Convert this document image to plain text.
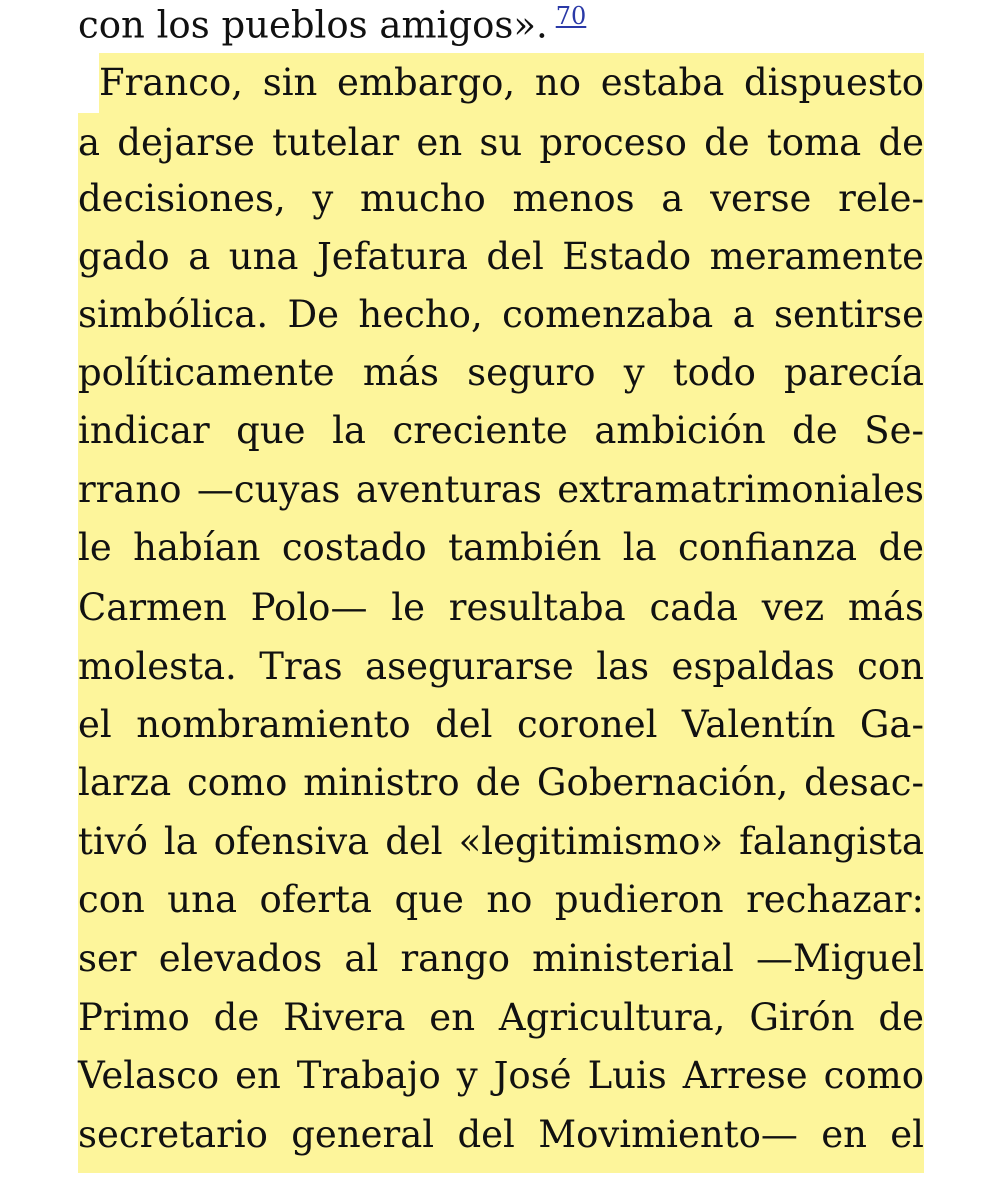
con los pueblos amigos». $^{70}$
Franco, sin embargo, no estaba dispuesto
a dejarse tutelar en su proceso de toma de
decisiones, y mucho menos a verse rele-
gado a una Jefatura del Estado meramente
simbólica. De hecho, comenzaba a sentirse
políticamente más seguro y todo parecía
indicar que la creciente ambición de Se-
rrano —cuyas aventuras extramatrimoniales
le habían costado también la confianza de
Carmen Polo— le resultaba cada vez más
molesta. Tras asegurarse las espaldas con
el nombramiento del coronel Valentín Ga-
larza como ministro de Gobernación, desac-
tivó la ofensiva del «legitimismo» falangista
con una oferta que no pudieron rechazar:
ser elevados al rango ministerial —Miguel
Primo de Rivera en Agricultura, Girón de
Velasco en Trabajo y José Luis Arrese como
secretario general del Movimiento— en el
